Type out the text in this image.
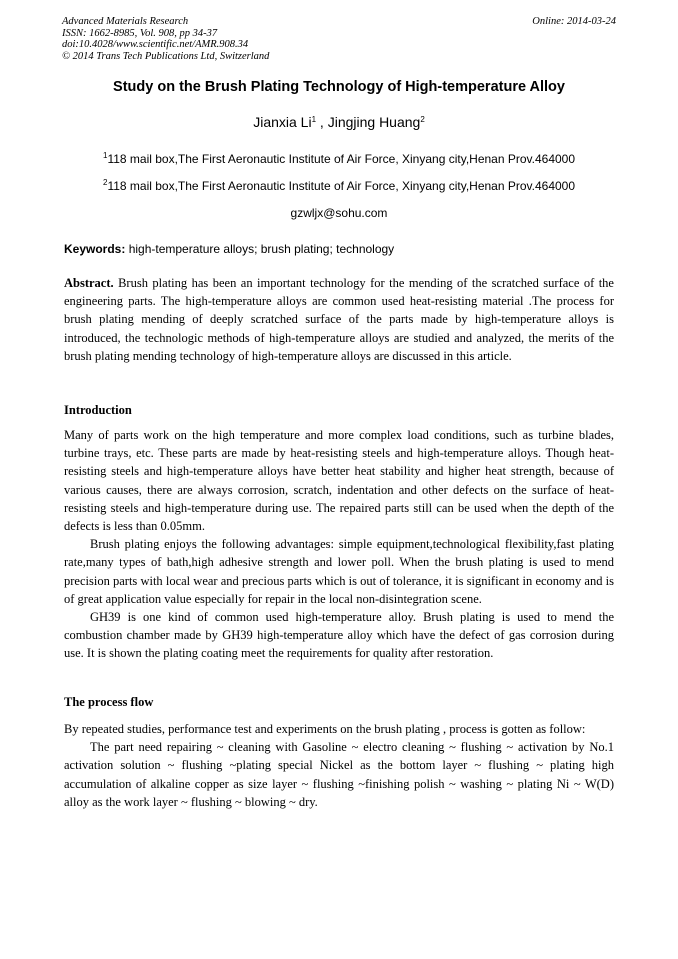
Advanced Materials Research
ISSN: 1662-8985, Vol. 908, pp 34-37
doi:10.4028/www.scientific.net/AMR.908.34
© 2014 Trans Tech Publications Ltd, Switzerland
Online: 2014-03-24
Study on the Brush Plating Technology of High-temperature Alloy
Jianxia Li$^1$ , Jingjing Huang$^2$
$^1$118 mail box,The First Aeronautic Institute of Air Force, Xinyang city,Henan Prov.464000
$^2$118 mail box,The First Aeronautic Institute of Air Force, Xinyang city,Henan Prov.464000
gzwljx@sohu.com
Keywords: high-temperature alloys; brush plating; technology

Abstract. Brush plating has been an important technology for the mending of the scratched surface of the engineering parts. The high-temperature alloys are common used heat-resisting material .The process for brush plating mending of deeply scratched surface of the parts made by high-temperature alloys is introduced, the technologic methods of high-temperature alloys are studied and analyzed, the merits of the brush plating mending technology of high-temperature alloys are discussed in this article.

Introduction

Many of parts work on the high temperature and more complex load conditions, such as turbine blades, turbine trays, etc. These parts are made by heat-resisting steels and high-temperature alloys. Though heat-resisting steels and high-temperature alloys have better heat stability and higher heat strength, because of various causes, there are always corrosion, scratch, indentation and other defects on the surface of heat-resisting steels and high-temperature during use. The repaired parts still can be used when the depth of the defects is less than 0.05mm.

Brush plating enjoys the following advantages: simple equipment,technological flexibility,fast plating rate,many types of bath,high adhesive strength and lower poll. When the brush plating is used to mend precision parts with local wear and precious parts which is out of tolerance, it is significant in economy and is of great application value especially for repair in the local non-disintegration scene.

GH39 is one kind of common used high-temperature alloy. Brush plating is used to mend the combustion chamber made by GH39 high-temperature alloy which have the defect of gas corrosion during use. It is shown the plating coating meet the requirements for quality after restoration.

The process flow

By repeated studies, performance test and experiments on the brush plating , process is gotten as follow:

The part need repairing ~ cleaning with Gasoline ~ electro cleaning ~ flushing ~ activation by No.1 activation solution ~ flushing ~plating special Nickel as the bottom layer ~ flushing ~ plating high accumulation of alkaline copper as size layer ~ flushing ~finishing polish ~ washing ~ plating Ni ~ W(D) alloy as the work layer ~ flushing ~ blowing ~ dry.
